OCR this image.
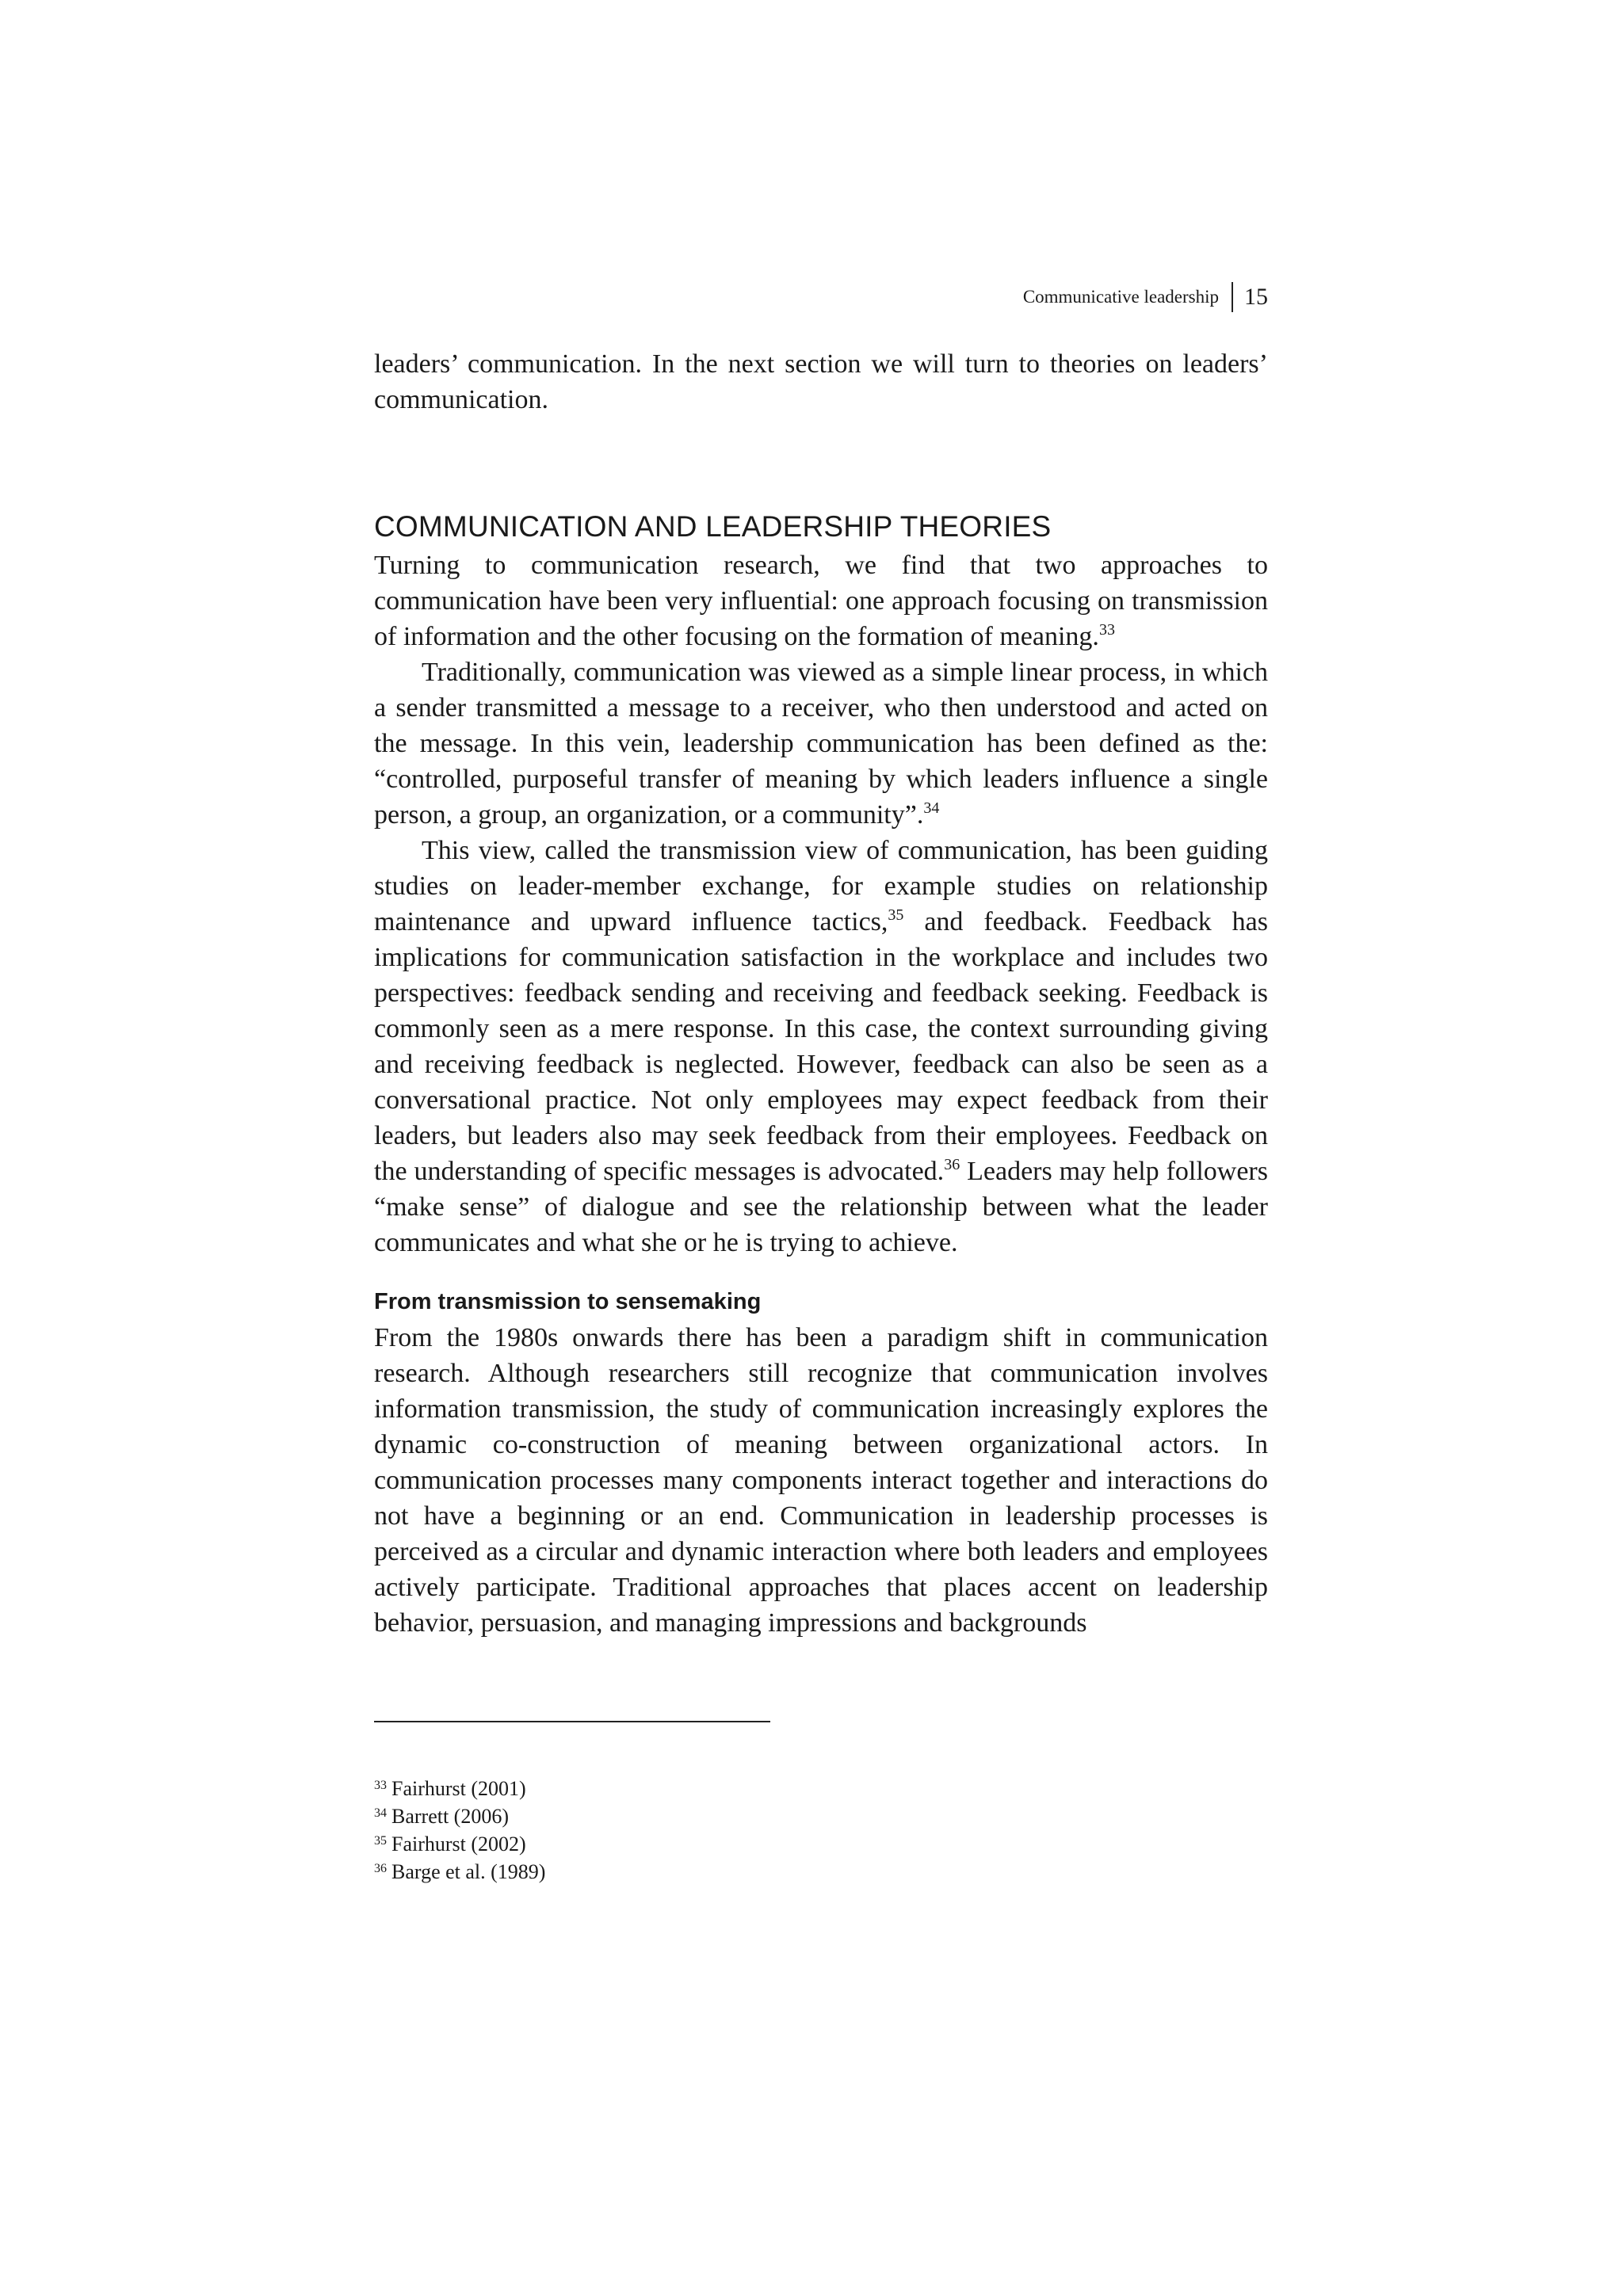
Communicative leadership 15

leaders’ communication. In the next section we will turn to theories on leaders’ communication.

COMMUNICATION AND LEADERSHIP THEORIES

Turning to communication research, we find that two approaches to communication have been very influential: one approach focusing on transmission of information and the other focusing on the formation of meaning.$^{33}$

Traditionally, communication was viewed as a simple linear process, in which a sender transmitted a message to a receiver, who then understood and acted on the message. In this vein, leadership communication has been defined as the: “controlled, purposeful transfer of meaning by which leaders influence a single person, a group, an organization, or a community”.$^{34}$

This view, called the transmission view of communication, has been guiding studies on leader-member exchange, for example studies on relationship maintenance and upward influence tactics,$^{35}$ and feedback. Feedback has implications for communication satisfaction in the workplace and includes two perspectives: feedback sending and receiving and feedback seeking. Feedback is commonly seen as a mere response. In this case, the context surrounding giving and receiving feedback is neglected. However, feedback can also be seen as a conversational practice. Not only employees may expect feedback from their leaders, but leaders also may seek feedback from their employees. Feedback on the understanding of specific messages is advocated.$^{36}$ Leaders may help followers “make sense” of dialogue and see the relationship between what the leader communicates and what she or he is trying to achieve.

From transmission to sensemaking

From the 1980s onwards there has been a paradigm shift in communication research. Although researchers still recognize that communication involves information transmission, the study of communication increasingly explores the dynamic co-construction of meaning between organizational actors. In communication processes many components interact together and interactions do not have a beginning or an end. Communication in leadership processes is perceived as a circular and dynamic interaction where both leaders and employees actively participate. Traditional approaches that places accent on leadership behavior, persuasion, and managing impressions and backgrounds

$^{33}$ Fairhurst (2001)

$^{34}$ Barrett (2006)

$^{35}$ Fairhurst (2002)

$^{36}$ Barge et al. (1989)
